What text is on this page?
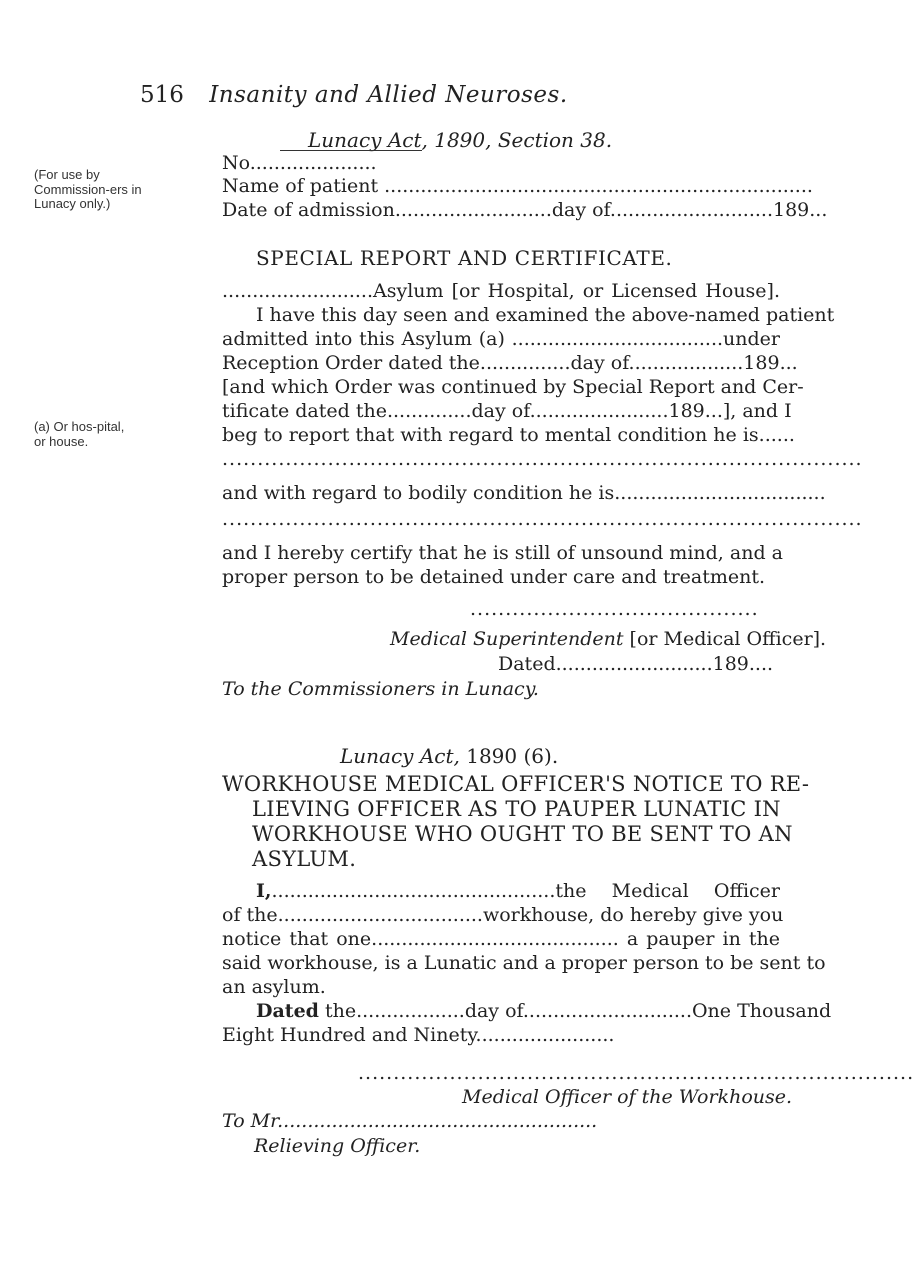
516 Insanity and Allied Neuroses.
Lunacy Act, 1890, Section 38.
(For use by Commission-ers in Lunacy only.)
(a) Or hos-pital, or house.
No.....................
Name of patient .......................................................................
Date of admission..........................day of...........................189...
SPECIAL REPORT AND CERTIFICATE.
.........................Asylum [or Hospital, or Licensed House].
I have this day seen and examined the above-named patient
admitted into this Asylum (a) ...................................under
Reception Order dated the...............day of...................189...
[and which Order was continued by Special Report and Cer-
tificate dated the..............day of.......................189...], and I
beg to report that with regard to mental condition he is......
...........................................................................................
and with regard to bodily condition he is...................................
...........................................................................................
and I hereby certify that he is still of unsound mind, and a
proper person to be detained under care and treatment.
.........................................
Medical Superintendent [or Medical Officer].
Dated..........................189....
To the Commissioners in Lunacy.
Lunacy Act, 1890 (6).
WORKHOUSE MEDICAL OFFICER'S NOTICE TO RE-
LIEVING OFFICER AS TO PAUPER LUNATIC IN
WORKHOUSE WHO OUGHT TO BE SENT TO AN
ASYLUM.
I,...............................................the Medical Officer
of the..................................workhouse, do hereby give you
notice that one......................................... a pauper in the
said workhouse, is a Lunatic and a proper person to be sent to
an asylum.
Dated the..................day of............................One Thousand
Eight Hundred and Ninety.......................
...............................................................................
Medical Officer of the Workhouse.
To Mr.....................................................
Relieving Officer.
